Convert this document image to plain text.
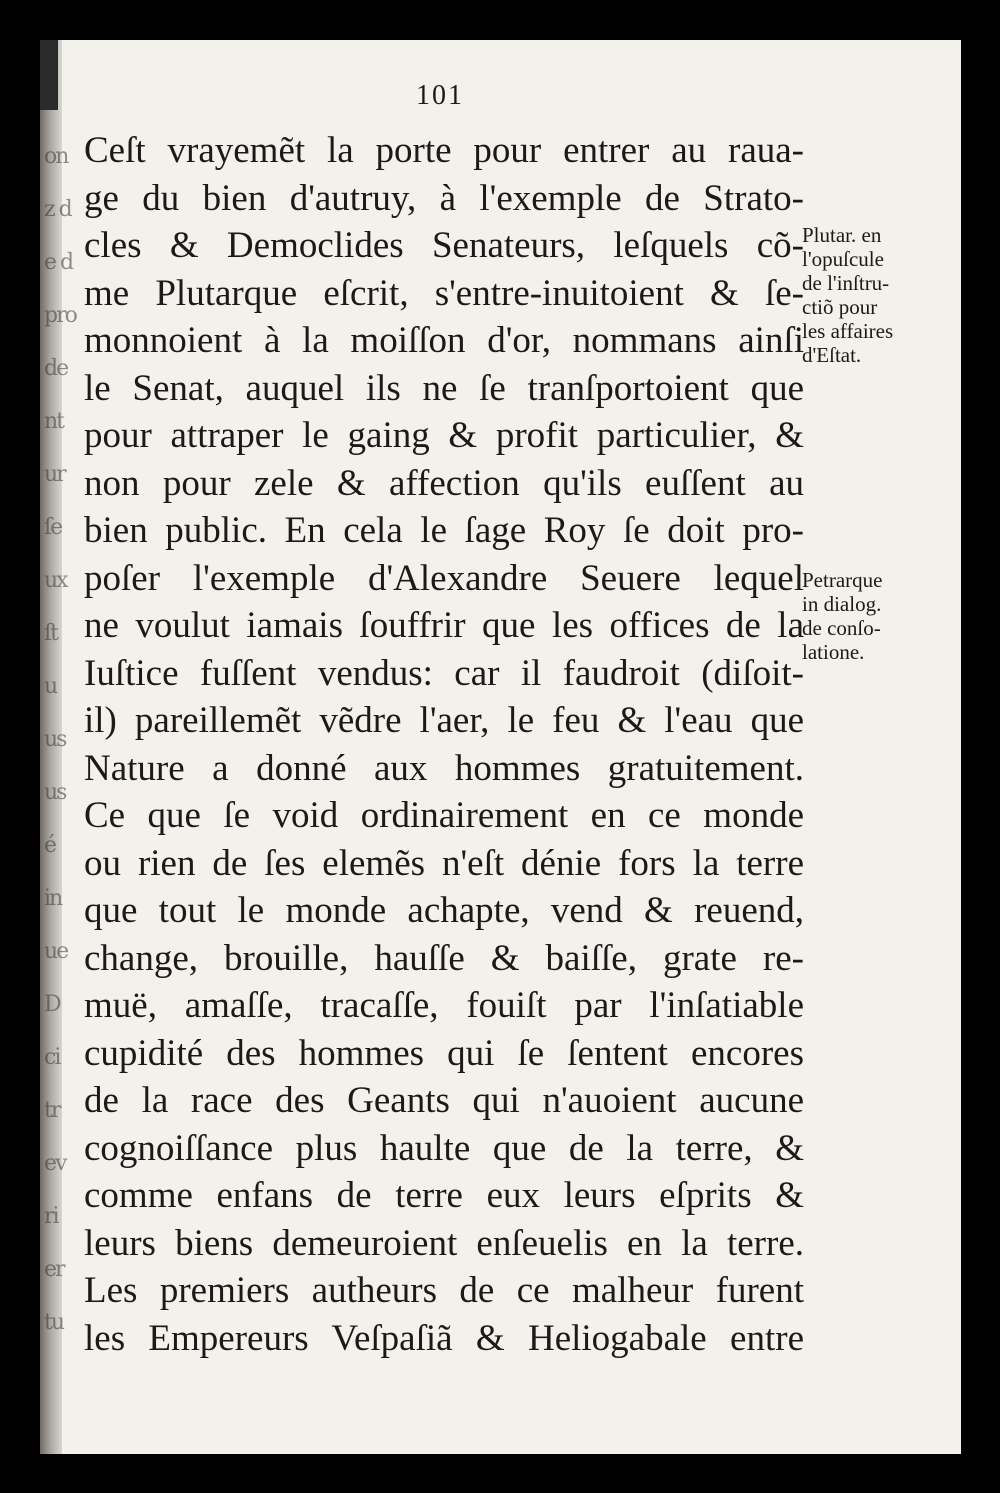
on
z d
e d
pro
de
nt
ur
ſe
ux
ſt
u
us
us
é
in
ue
D
ci
tr
ev
ri
er
tu
101
Ceſt vrayemẽt la porte pour entrer au raua-
ge du bien d'autruy, à l'exemple de Strato-
cles & Democlides Senateurs, leſquels cõ-
me Plutarque eſcrit, s'entre-inuitoient & ſe-
monnoient à la moiſſon d'or, nommans ainſi
le Senat, auquel ils ne ſe tranſportoient que
pour attraper le gaing & profit particulier, &
non pour zele & affection qu'ils euſſent au
bien public. En cela le ſage Roy ſe doit pro-
poſer l'exemple d'Alexandre Seuere lequel
ne voulut iamais ſouffrir que les offices de la
Iuſtice fuſſent vendus: car il faudroit (diſoit-
il) pareillemẽt vẽdre l'aer, le feu & l'eau que
Nature a donné aux hommes gratuitement.
Ce que ſe void ordinairement en ce monde
ou rien de ſes elemẽs n'eſt dénie fors la terre
que tout le monde achapte, vend & reuend,
change, brouille, hauſſe & baiſſe, grate re-
muë, amaſſe, tracaſſe, fouiſt par l'inſatiable
cupidité des hommes qui ſe ſentent encores
de la race des Geants qui n'auoient aucune
cognoiſſance plus haulte que de la terre, &
comme enfans de terre eux leurs eſprits &
leurs biens demeuroient enſeuelis en la terre.
Les premiers autheurs de ce malheur furent
les Empereurs Veſpaſiã & Heliogabale entre
Plutar. en
l'opuſcule
de l'inſtru-
ctiõ pour
les affaires
d'Eſtat.
Petrarque
in dialog.
de conſo-
latione.
